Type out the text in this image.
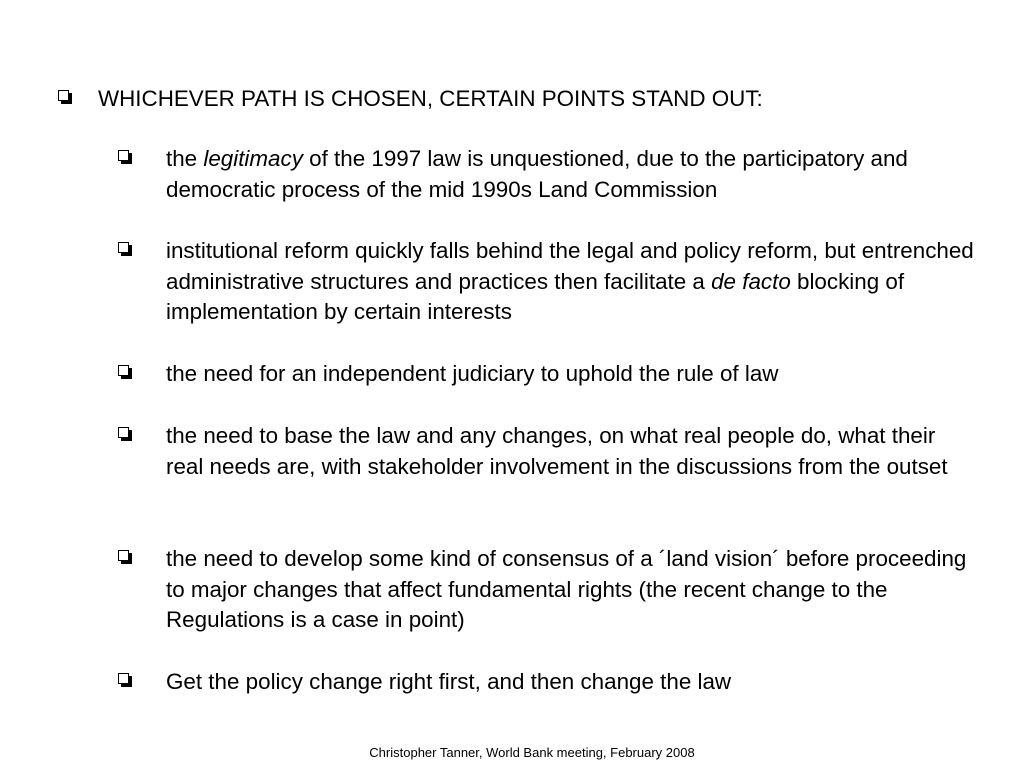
WHICHEVER PATH IS CHOSEN, CERTAIN POINTS STAND OUT:
the legitimacy of the 1997 law is unquestioned, due to the participatory and democratic process of the mid 1990s Land Commission
institutional reform quickly falls behind the legal and policy reform, but entrenched administrative structures and practices then facilitate a de facto blocking of implementation by certain interests
the need for an independent judiciary to uphold the rule of law
the need to base the law and any changes, on what real people do, what their real needs are, with stakeholder involvement in the discussions from the outset
the need to develop some kind of consensus of a ´land vision´ before proceeding to major changes that affect fundamental rights (the recent change to the Regulations is a case in point)
Get the policy change right first, and then change the law
Christopher Tanner, World Bank meeting, February 2008
